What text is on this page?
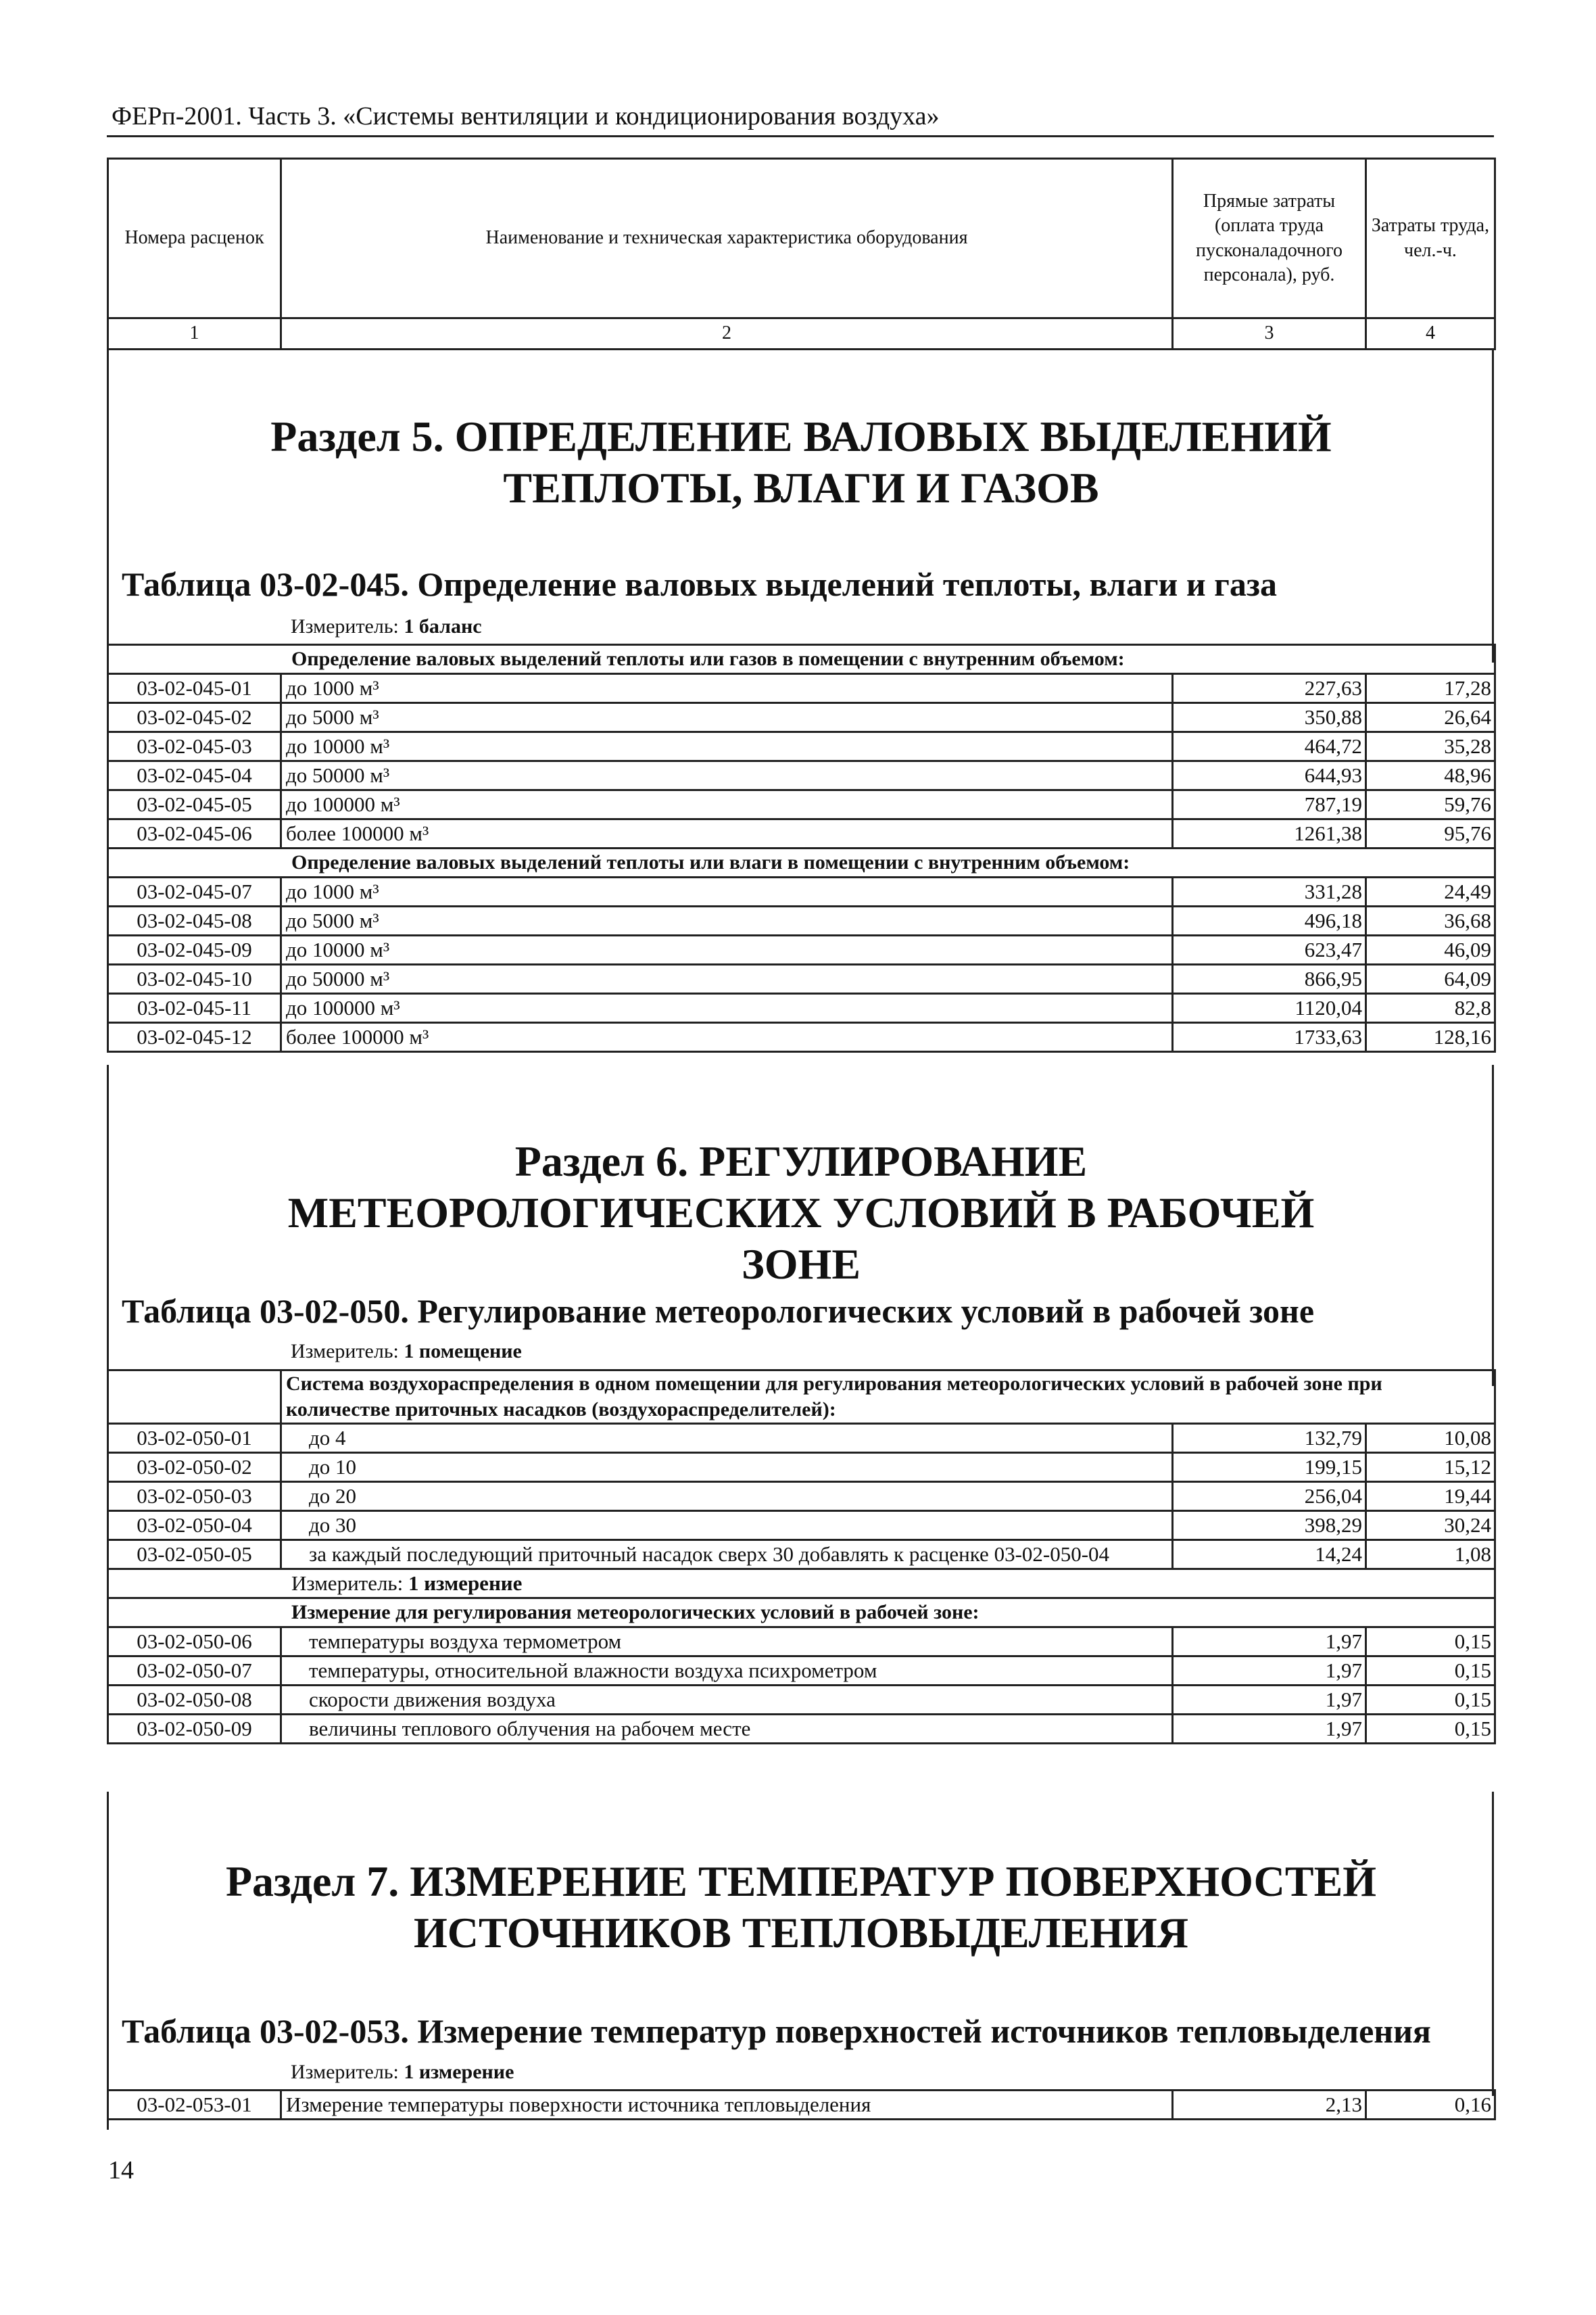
ФЕРп-2001. Часть 3. «Системы вентиляции и кондиционирования воздуха»
Номера расценок	Наименование и техническая характеристика оборудования	Прямые затраты (оплата труда пусконаладочного персонала), руб.	Затраты труда, чел.-ч.
1	2	3	4
Раздел 5. ОПРЕДЕЛЕНИЕ ВАЛОВЫХ ВЫДЕЛЕНИЙ ТЕПЛОТЫ, ВЛАГИ И ГАЗОВ
Таблица 03-02-045. Определение валовых выделений теплоты, влаги и газа
Измеритель: 1 баланс
Определение валовых выделений теплоты или газов в помещении с внутренним объемом:			
03-02-045-01	до 1000 м³	227,63	17,28
03-02-045-02	до 5000 м³	350,88	26,64
03-02-045-03	до 10000 м³	464,72	35,28
03-02-045-04	до 50000 м³	644,93	48,96
03-02-045-05	до 100000 м³	787,19	59,76
03-02-045-06	более 100000 м³	1261,38	95,76
Определение валовых выделений теплоты или влаги в помещении с внутренним объемом:			
03-02-045-07	до 1000 м³	331,28	24,49
03-02-045-08	до 5000 м³	496,18	36,68
03-02-045-09	до 10000 м³	623,47	46,09
03-02-045-10	до 50000 м³	866,95	64,09
03-02-045-11	до 100000 м³	1120,04	82,8
03-02-045-12	более 100000 м³	1733,63	128,16
Раздел 6. РЕГУЛИРОВАНИЕ МЕТЕОРОЛОГИЧЕСКИХ УСЛОВИЙ В РАБОЧЕЙ ЗОНЕ
Таблица 03-02-050. Регулирование метеорологических условий в рабочей зоне
Измеритель: 1 помещение
	Система воздухораспределения в одном помещении для регулирования метеорологических условий в рабочей зоне при количестве приточных насадков (воздухораспределителей):		
03-02-050-01	до 4	132,79	10,08
03-02-050-02	до 10	199,15	15,12
03-02-050-03	до 20	256,04	19,44
03-02-050-04	до 30	398,29	30,24
03-02-050-05	за каждый последующий приточный насадок сверх 30 добавлять к расценке 03-02-050-04	14,24	1,08
Измеритель: 1 измерение			
Измерение для регулирования метеорологических условий в рабочей зоне:			
03-02-050-06	температуры воздуха термометром	1,97	0,15
03-02-050-07	температуры, относительной влажности воздуха психрометром	1,97	0,15
03-02-050-08	скорости движения воздуха	1,97	0,15
03-02-050-09	величины теплового облучения на рабочем месте	1,97	0,15
Раздел 7. ИЗМЕРЕНИЕ ТЕМПЕРАТУР ПОВЕРХНОСТЕЙ ИСТОЧНИКОВ ТЕПЛОВЫДЕЛЕНИЯ
Таблица 03-02-053. Измерение температур поверхностей источников тепловыделения
Измеритель: 1 измерение
03-02-053-01	Измерение температуры поверхности источника тепловыделения	2,13	0,16
14
